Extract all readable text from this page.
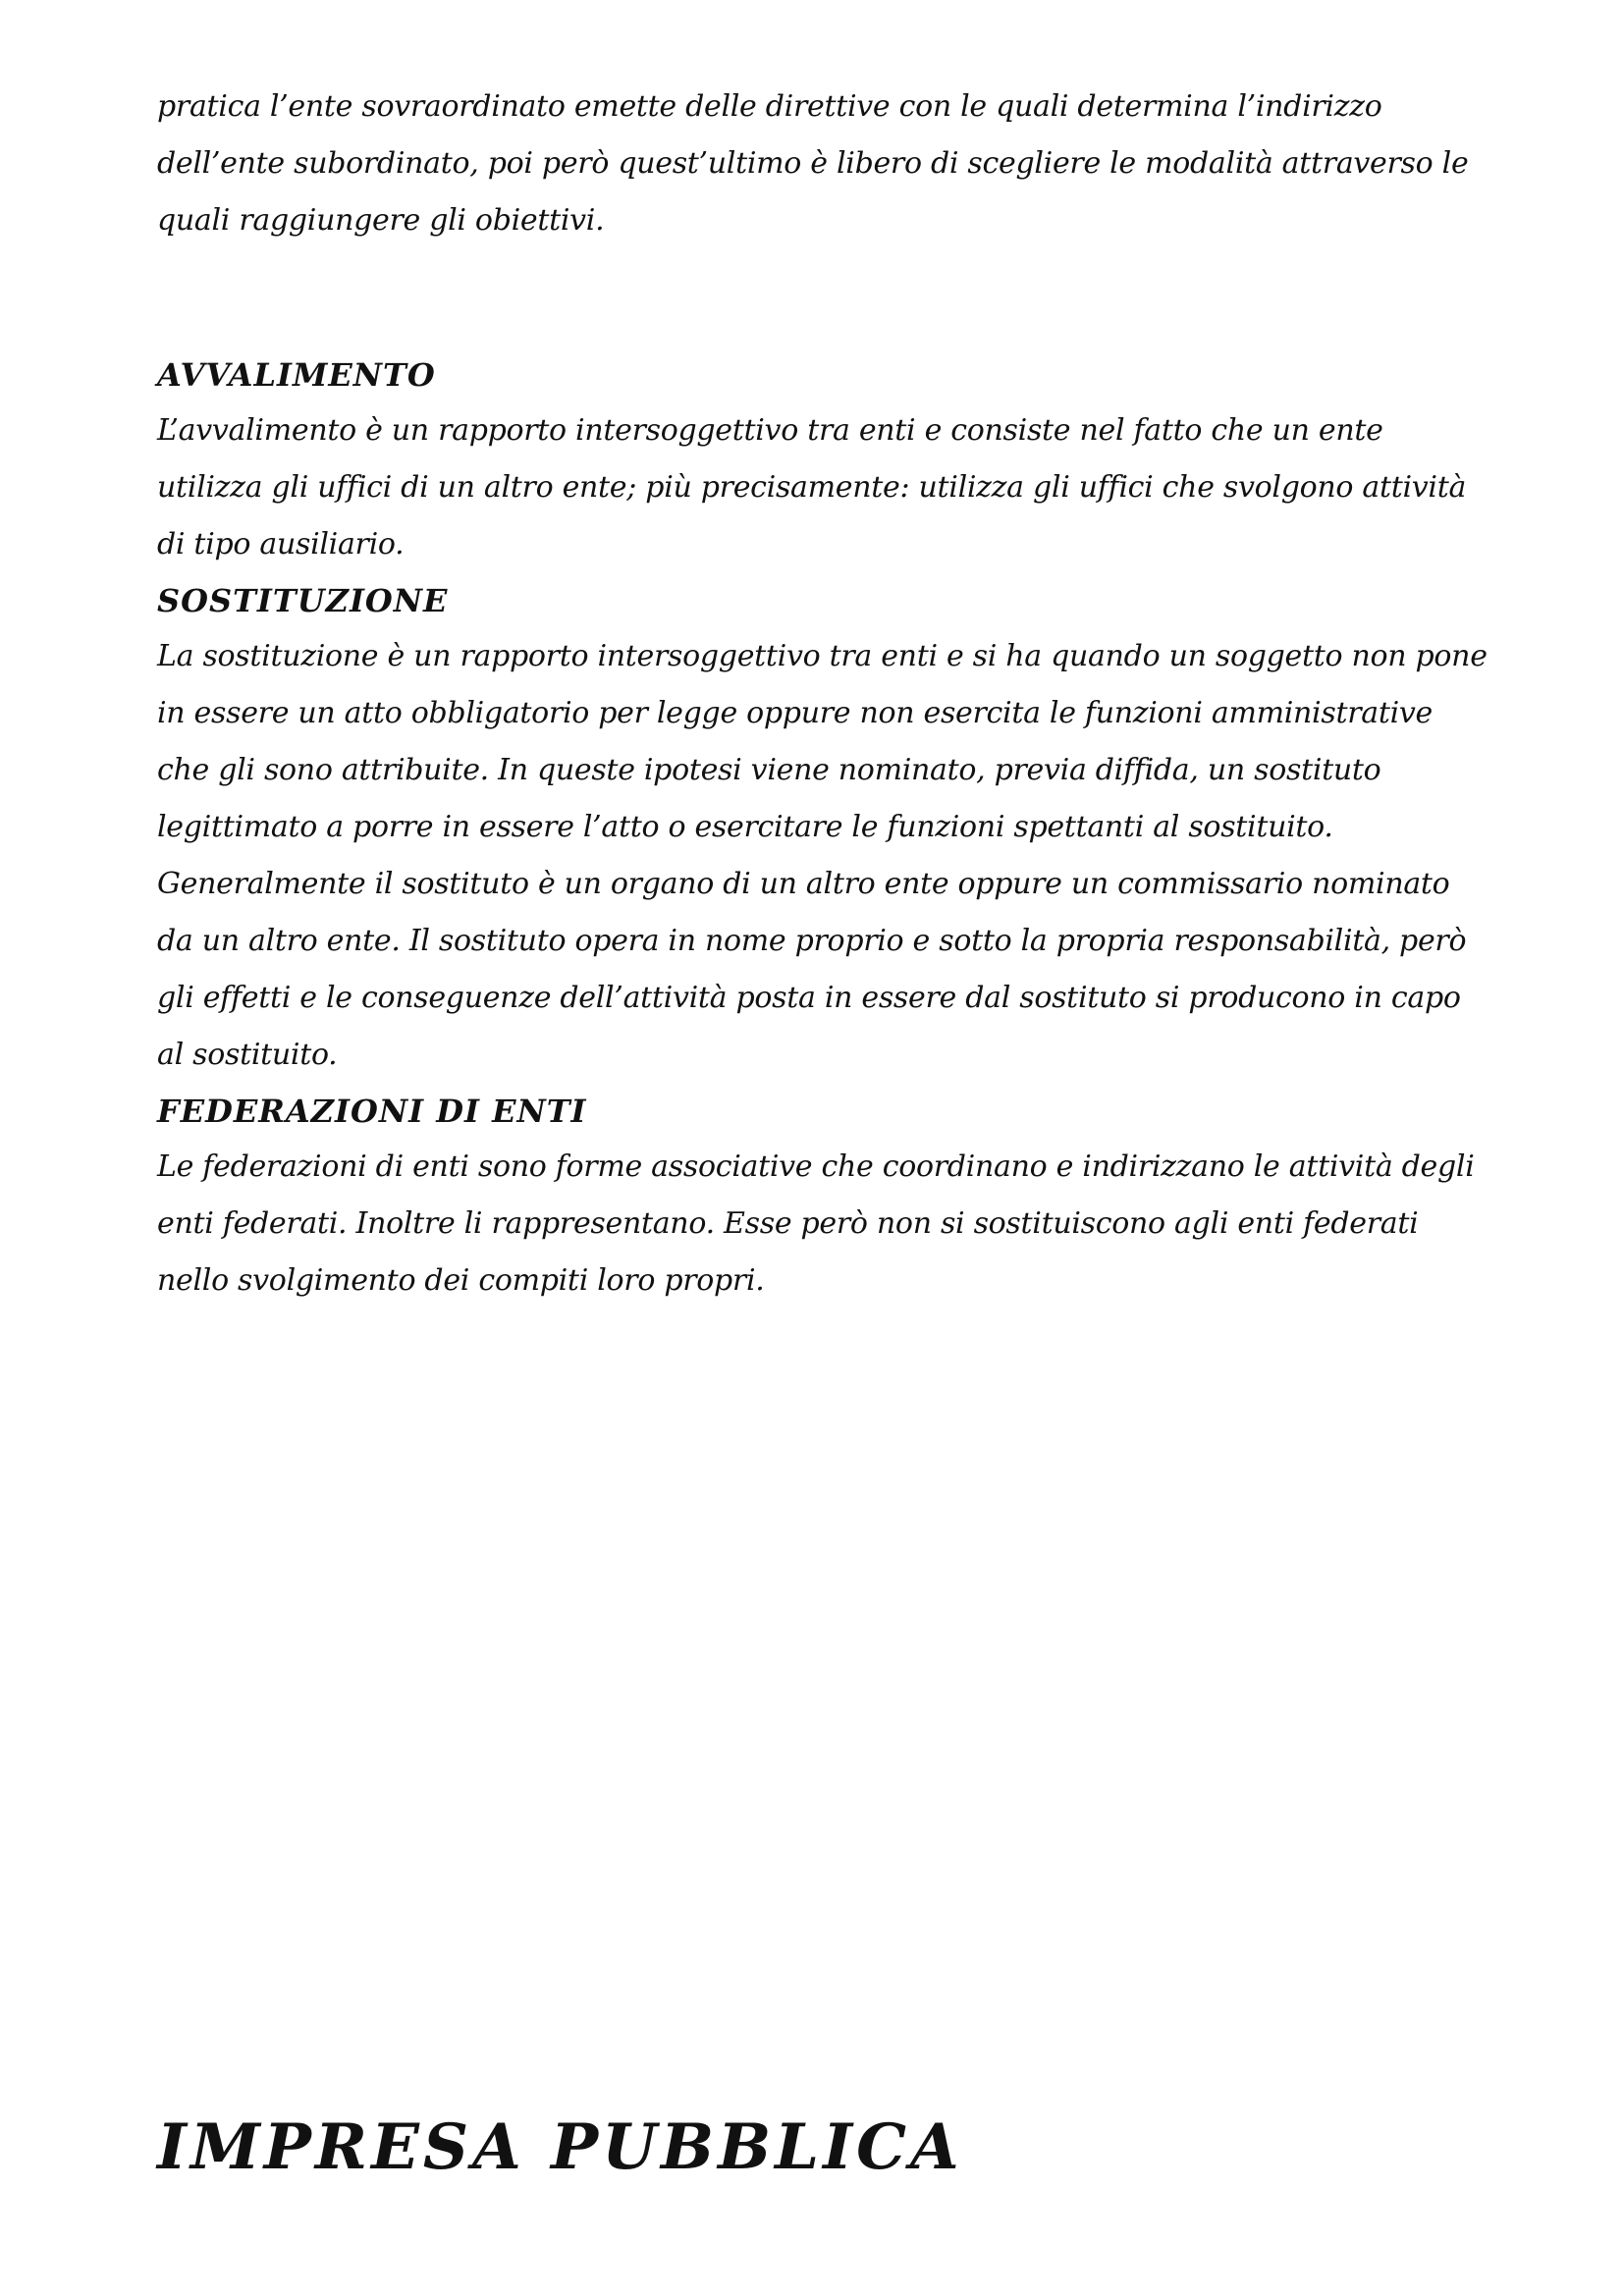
pratica l’ente sovraordinato emette delle direttive con le quali determina l’indirizzo dell’ente subordinato, poi però quest’ultimo è libero di scegliere le modalità attraverso le quali raggiungere gli obiettivi.

AVVALIMENTO

L’avvalimento è un rapporto intersoggettivo tra enti e consiste nel fatto che un ente utilizza gli uffici di un altro ente; più precisamente: utilizza gli uffici che svolgono attività di tipo ausiliario.

SOSTITUZIONE

La sostituzione è un rapporto intersoggettivo tra enti e si ha quando un soggetto non pone in essere un atto obbligatorio per legge oppure non esercita le funzioni amministrative che gli sono attribuite. In queste ipotesi viene nominato, previa diffida, un sostituto legittimato a porre in essere l’atto o esercitare le funzioni spettanti al sostituito. Generalmente il sostituto è un organo di un altro ente oppure un commissario nominato da un altro ente. Il sostituto opera in nome proprio e sotto la propria responsabilità, però gli effetti e le conseguenze dell’attività posta in essere dal sostituto si producono in capo al sostituito.

FEDERAZIONI DI ENTI

Le federazioni di enti sono forme associative che coordinano e indirizzano le attività degli enti federati. Inoltre li rappresentano. Esse però non si sostituiscono agli enti federati nello svolgimento dei compiti loro propri.

IMPRESA PUBBLICA
